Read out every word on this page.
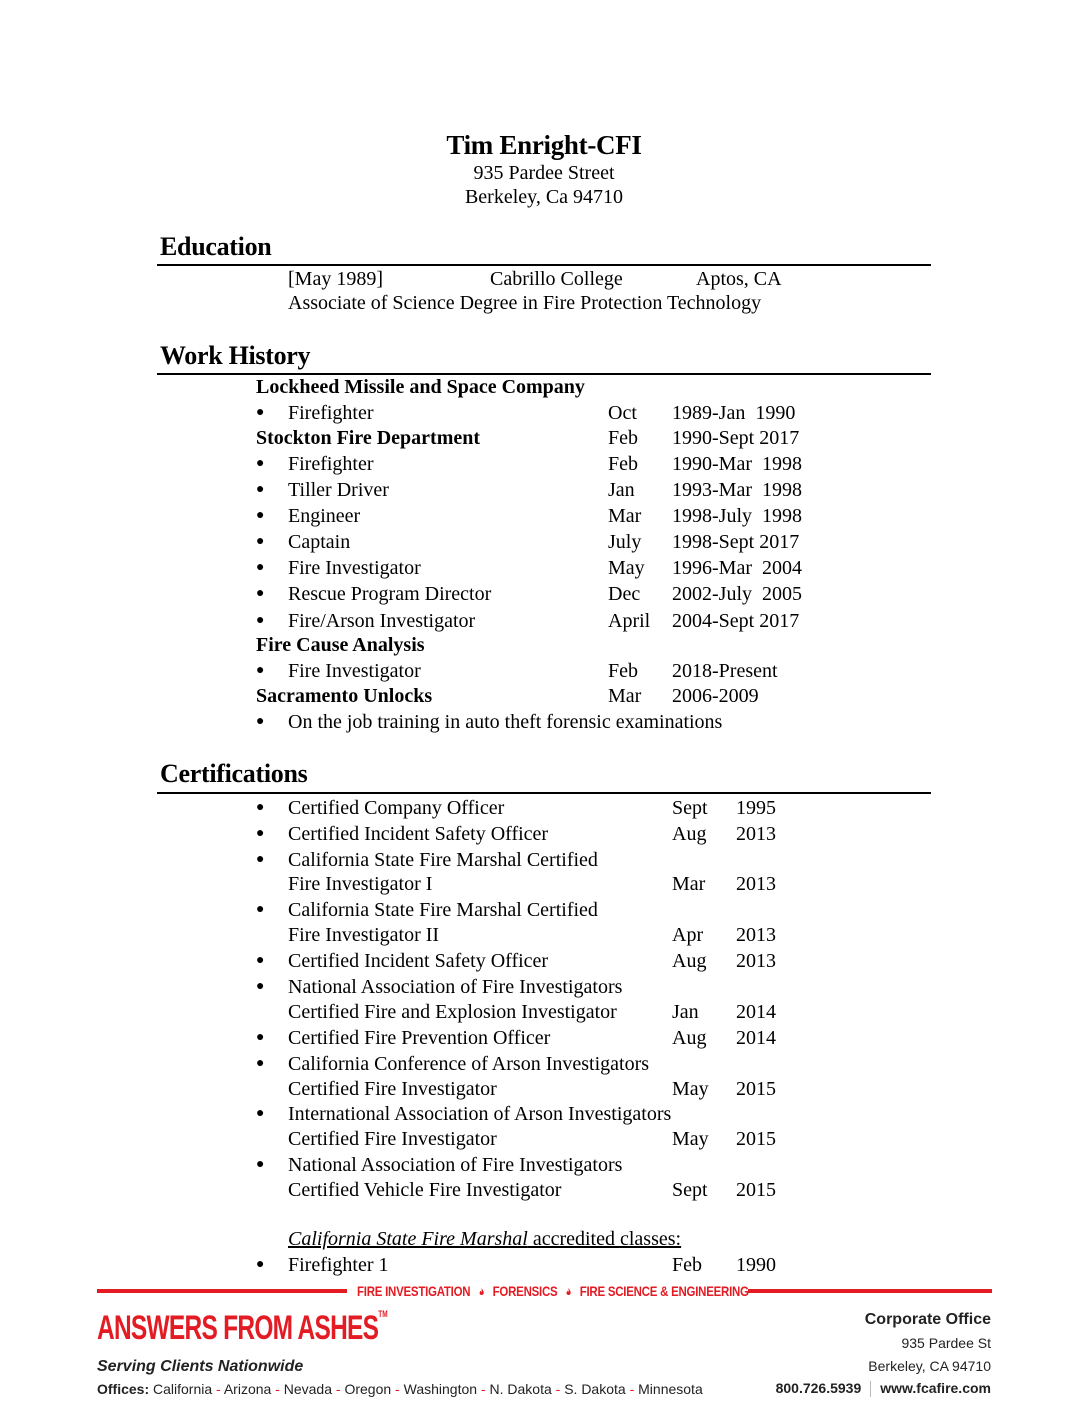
Tim Enright-CFI
935 Pardee Street
Berkeley, Ca 94710
Education
[May 1989]	Cabrillo College	Aptos, CA
Associate of Science Degree in Fire Protection Technology
Work History
Certifications
California State Fire Marshal accredited classes:
FIRE INVESTIGATION FORENSICS FIRE SCIENCE & ENGINEERING
ANSWERS FROM ASHES™
Serving Clients Nationwide
Offices: California - Arizona - Nevada - Oregon - Washington - N. Dakota - S. Dakota - Minnesota
Corporate Office
935 Pardee St
Berkeley, CA 94710
800.726.5939 www.fcafire.com
Lockheed Missile and Space Company
● Firefighter	Oct 1989-Jan  1990
Stockton Fire Department	Feb 1990-Sept 2017
● Firefighter	Feb 1990-Mar  1998
● Tiller Driver	Jan 1993-Mar  1998
● Engineer	Mar 1998-July  1998
● Captain	July 1998-Sept 2017
● Fire Investigator	May 1996-Mar  2004
● Rescue Program Director	Dec 2002-July  2005
● Fire/Arson Investigator	April 2004-Sept 2017
Fire Cause Analysis
● Fire Investigator	Feb 2018-Present
Sacramento Unlocks	Mar 2006-2009
● On the job training in auto theft forensic examinations
● Certified Company Officer	Sept 1995
● Certified Incident Safety Officer	Aug 2013
● California State Fire Marshal Certified
Fire Investigator I	Mar 2013
● California State Fire Marshal Certified
Fire Investigator II	Apr 2013
● Certified Incident Safety Officer	Aug 2013
● National Association of Fire Investigators
Certified Fire and Explosion Investigator	Jan 2014
● Certified Fire Prevention Officer	Aug 2014
● California Conference of Arson Investigators
Certified Fire Investigator	May 2015
● International Association of Arson Investigators
Certified Fire Investigator	May 2015
● National Association of Fire Investigators
Certified Vehicle Fire Investigator	Sept 2015
● Firefighter 1	Feb 1990
